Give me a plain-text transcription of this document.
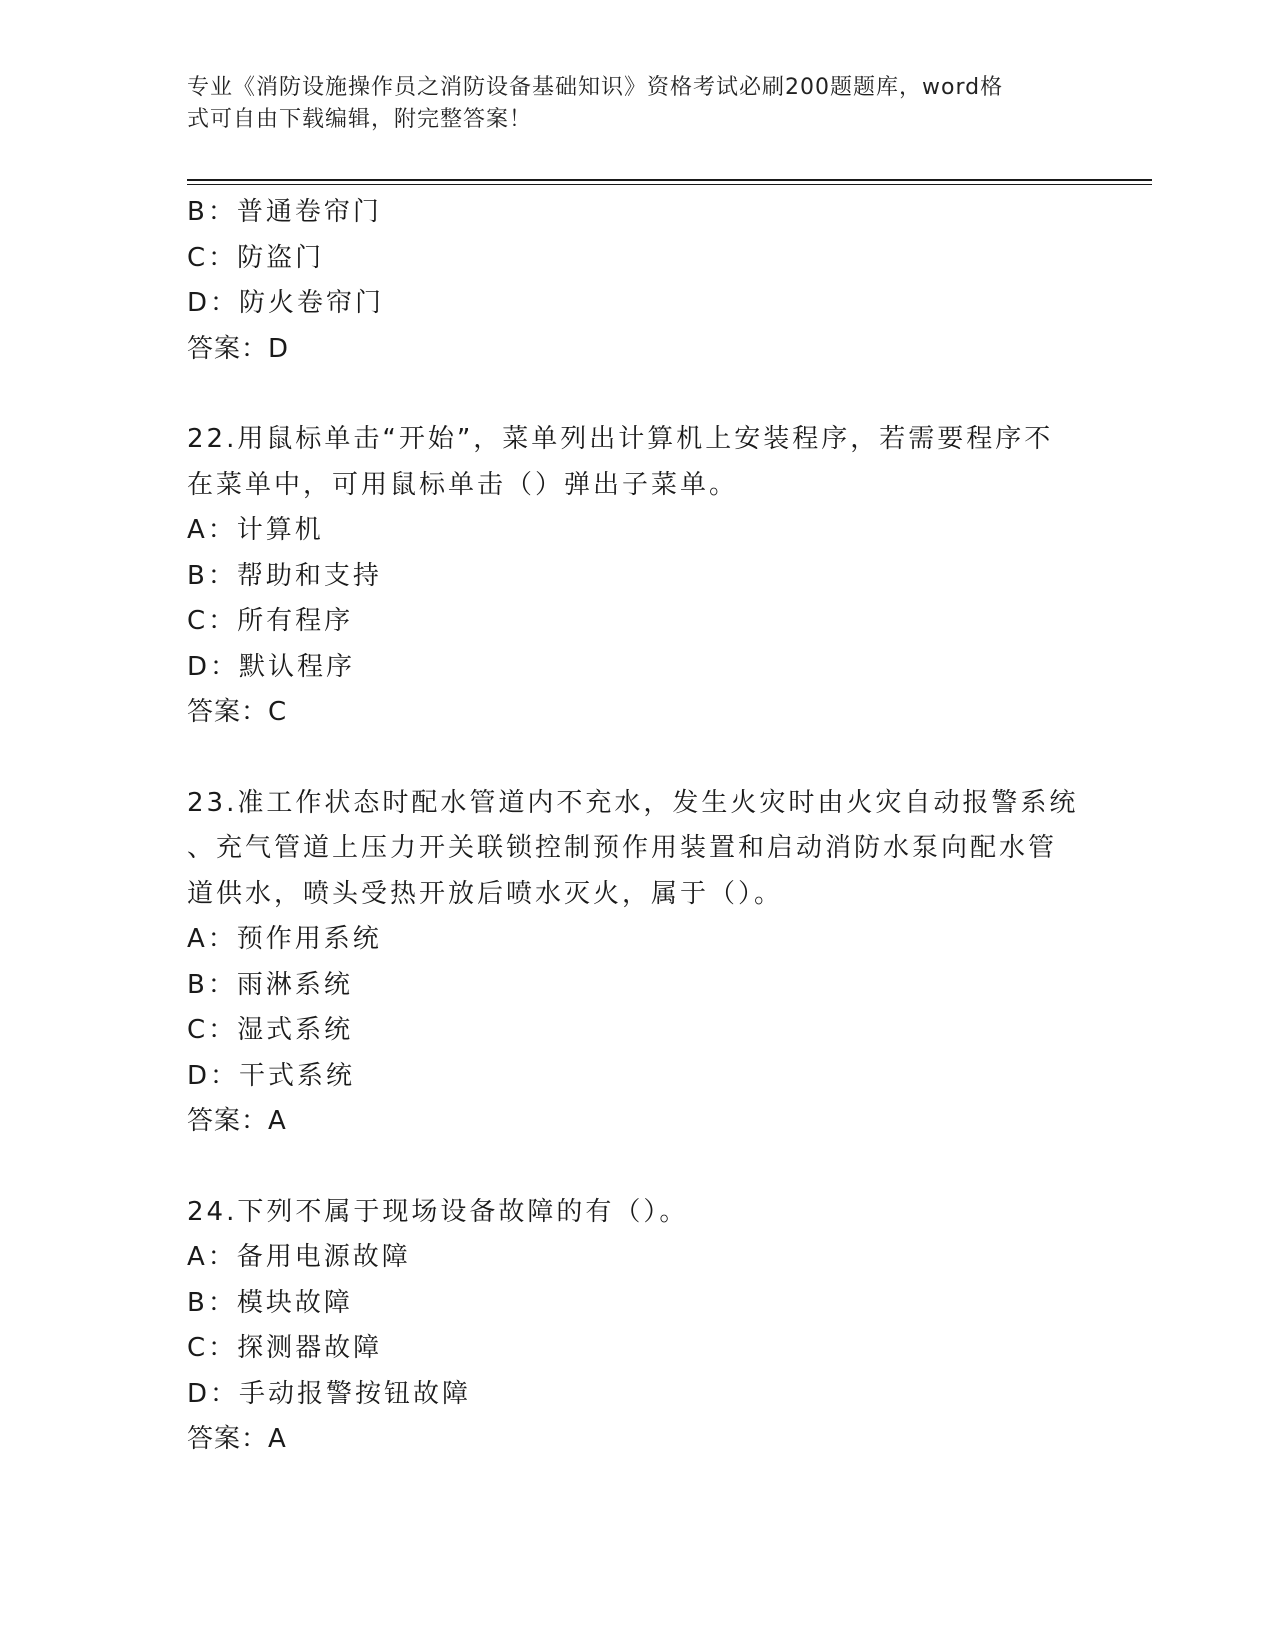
专业《消防设施操作员之消防设备基础知识》资格考试必刷200题题库，word格
式可自由下载编辑，附完整答案！
B：普通卷帘门
C：防盗门
D：防火卷帘门
答案：D
22.用鼠标单击“开始”，菜单列出计算机上安装程序，若需要程序不
在菜单中，可用鼠标单击（）弹出子菜单。
A：计算机
B：帮助和支持
C：所有程序
D：默认程序
答案：C
23.准工作状态时配水管道内不充水，发生火灾时由火灾自动报警系统
、充气管道上压力开关联锁控制预作用装置和启动消防水泵向配水管
道供水，喷头受热开放后喷水灭火，属于（）。
A：预作用系统
B：雨淋系统
C：湿式系统
D：干式系统
答案：A
24.下列不属于现场设备故障的有（）。
A：备用电源故障
B：模块故障
C：探测器故障
D：手动报警按钮故障
答案：A
